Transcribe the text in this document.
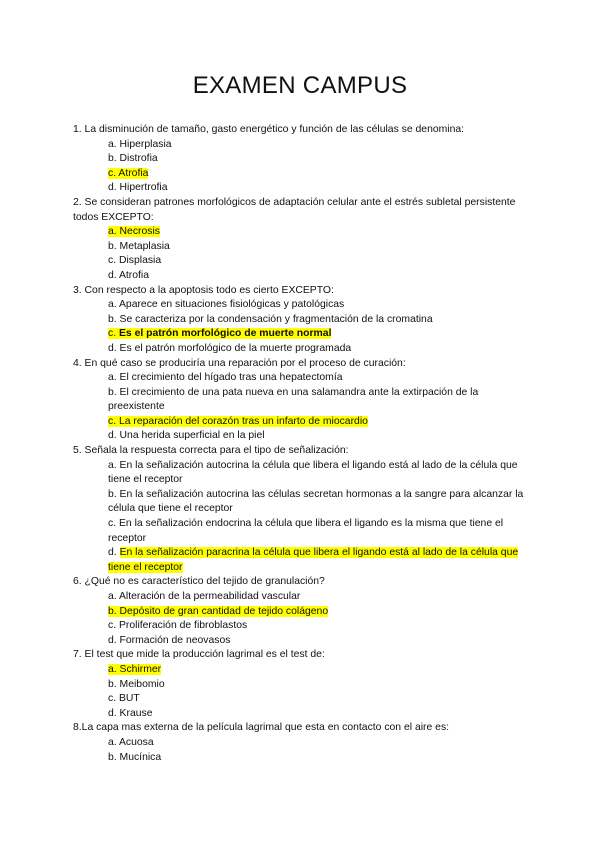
EXAMEN CAMPUS

1. La disminución de tamaño, gasto energético y función de las células se denomina:

a. Hiperplasia

b. Distrofia

c. Atrofia

d. Hipertrofia

2. Se consideran patrones morfológicos de adaptación celular ante el estrés subletal persistente todos EXCEPTO:

a. Necrosis

b. Metaplasia

c. Displasia

d. Atrofia

3. Con respecto a la apoptosis todo es cierto EXCEPTO:

a. Aparece en situaciones fisiológicas y patológicas

b. Se caracteriza por la condensación y fragmentación de la cromatina

c. Es el patrón morfológico de muerte normal

d. Es el patrón morfológico de la muerte programada

4. En qué caso se produciría una reparación por el proceso de curación:

a. El crecimiento del hígado tras una hepatectomía

b. El crecimiento de una pata nueva en una salamandra ante la extirpación de la preexistente

c. La reparación del corazón tras un infarto de miocardio

d. Una herida superficial en la piel

5. Señala la respuesta correcta para el tipo de señalización:

a. En la señalización autocrina la célula que libera el ligando está al lado de la célula que tiene el receptor

b. En la señalización autocrina las células secretan hormonas a la sangre para alcanzar la célula que tiene el receptor

c. En la señalización endocrina la célula que libera el ligando es la misma que tiene el receptor

d. En la señalización paracrina la célula que libera el ligando está al lado de la célula que tiene el receptor

6. ¿Qué no es característico del tejido de granulación?

a. Alteración de la permeabilidad vascular

b. Depósito de gran cantidad de tejido colágeno

c. Proliferación de fibroblastos

d. Formación de neovasos

7. El test que mide la producción lagrimal es el test de:

a. Schirmer

b. Meibomio

c. BUT

d. Krause

8.La capa mas externa de la película lagrimal que esta en contacto con el aire es:

a. Acuosa

b. Mucínica
